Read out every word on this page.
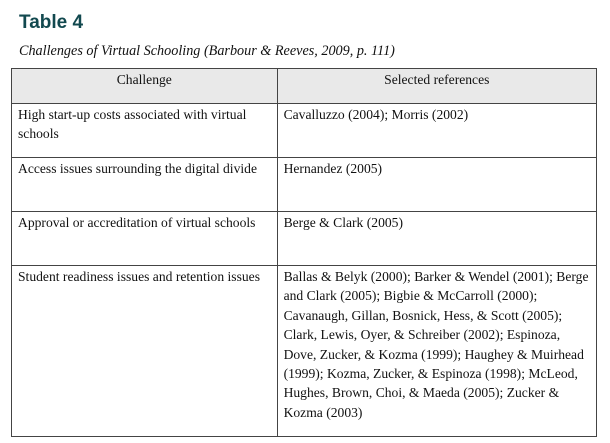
Table 4

Challenges of Virtual Schooling (Barbour & Reeves, 2009, p. 111)

Challenge	Selected references
High start-up costs associated with virtual schools	Cavalluzzo (2004); Morris (2002)
Access issues surrounding the digital divide	Hernandez (2005)
Approval or accreditation of virtual schools	Berge & Clark (2005)
Student readiness issues and retention issues	Ballas & Belyk (2000); Barker & Wendel (2001); Berge and Clark (2005); Bigbie & McCarroll (2000); Cavanaugh, Gillan, Bosnick, Hess, & Scott (2005); Clark, Lewis, Oyer, & Schreiber (2002); Espinoza, Dove, Zucker, & Kozma (1999); Haughey & Muirhead (1999); Kozma, Zucker, & Espinoza (1998); McLeod, Hughes, Brown, Choi, & Maeda (2005); Zucker & Kozma (2003)
